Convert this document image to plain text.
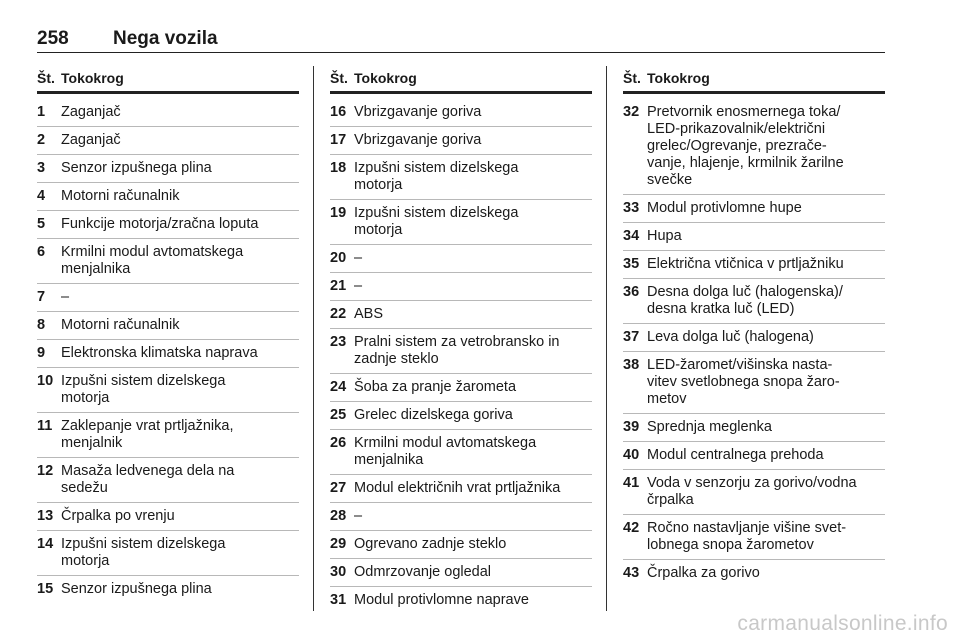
258 Nega vozila
Št. Tokokrog
1	Zaganjač
2	Zaganjač
3	Senzor izpušnega plina
4	Motorni računalnik
5	Funkcije motorja/zračna loputa
6	Krmilni modul avtomatskega
menjalnika
7	–
8	Motorni računalnik
9	Elektronska klimatska naprava
10 Izpušni sistem dizelskega
motorja
11 Zaklepanje vrat prtljažnika,
menjalnik
12 Masaža ledvenega dela na
sedežu
13 Črpalka po vrenju
14 Izpušni sistem dizelskega
motorja
15 Senzor izpušnega plina
Št. Tokokrog
16 Vbrizgavanje goriva
17 Vbrizgavanje goriva
18 Izpušni sistem dizelskega
motorja
19 Izpušni sistem dizelskega
motorja
20 –
21 –
22 ABS
23 Pralni sistem za vetrobransko in
zadnje steklo
24 Šoba za pranje žarometa
25 Grelec dizelskega goriva
26 Krmilni modul avtomatskega
menjalnika
27 Modul električnih vrat prtljažnika
28 –
29 Ogrevano zadnje steklo
30 Odmrzovanje ogledal
31 Modul protivlomne naprave
Št. Tokokrog
32 Pretvornik enosmernega toka/
LED-prikazovalnik/električni
grelec/Ogrevanje, prezrače-
vanje, hlajenje, krmilnik žarilne
svečke
33 Modul protivlomne hupe
34 Hupa
35 Električna vtičnica v prtljažniku
36 Desna dolga luč (halogenska)/
desna kratka luč (LED)
37 Leva dolga luč (halogena)
38 LED-žaromet/višinska nasta-
vitev svetlobnega snopa žaro-
metov
39 Sprednja meglenka
40 Modul centralnega prehoda
41 Voda v senzorju za gorivo/vodna
črpalka
42 Ročno nastavljanje višine svet-
lobnega snopa žarometov
43 Črpalka za gorivo
carmanualsonline.info
